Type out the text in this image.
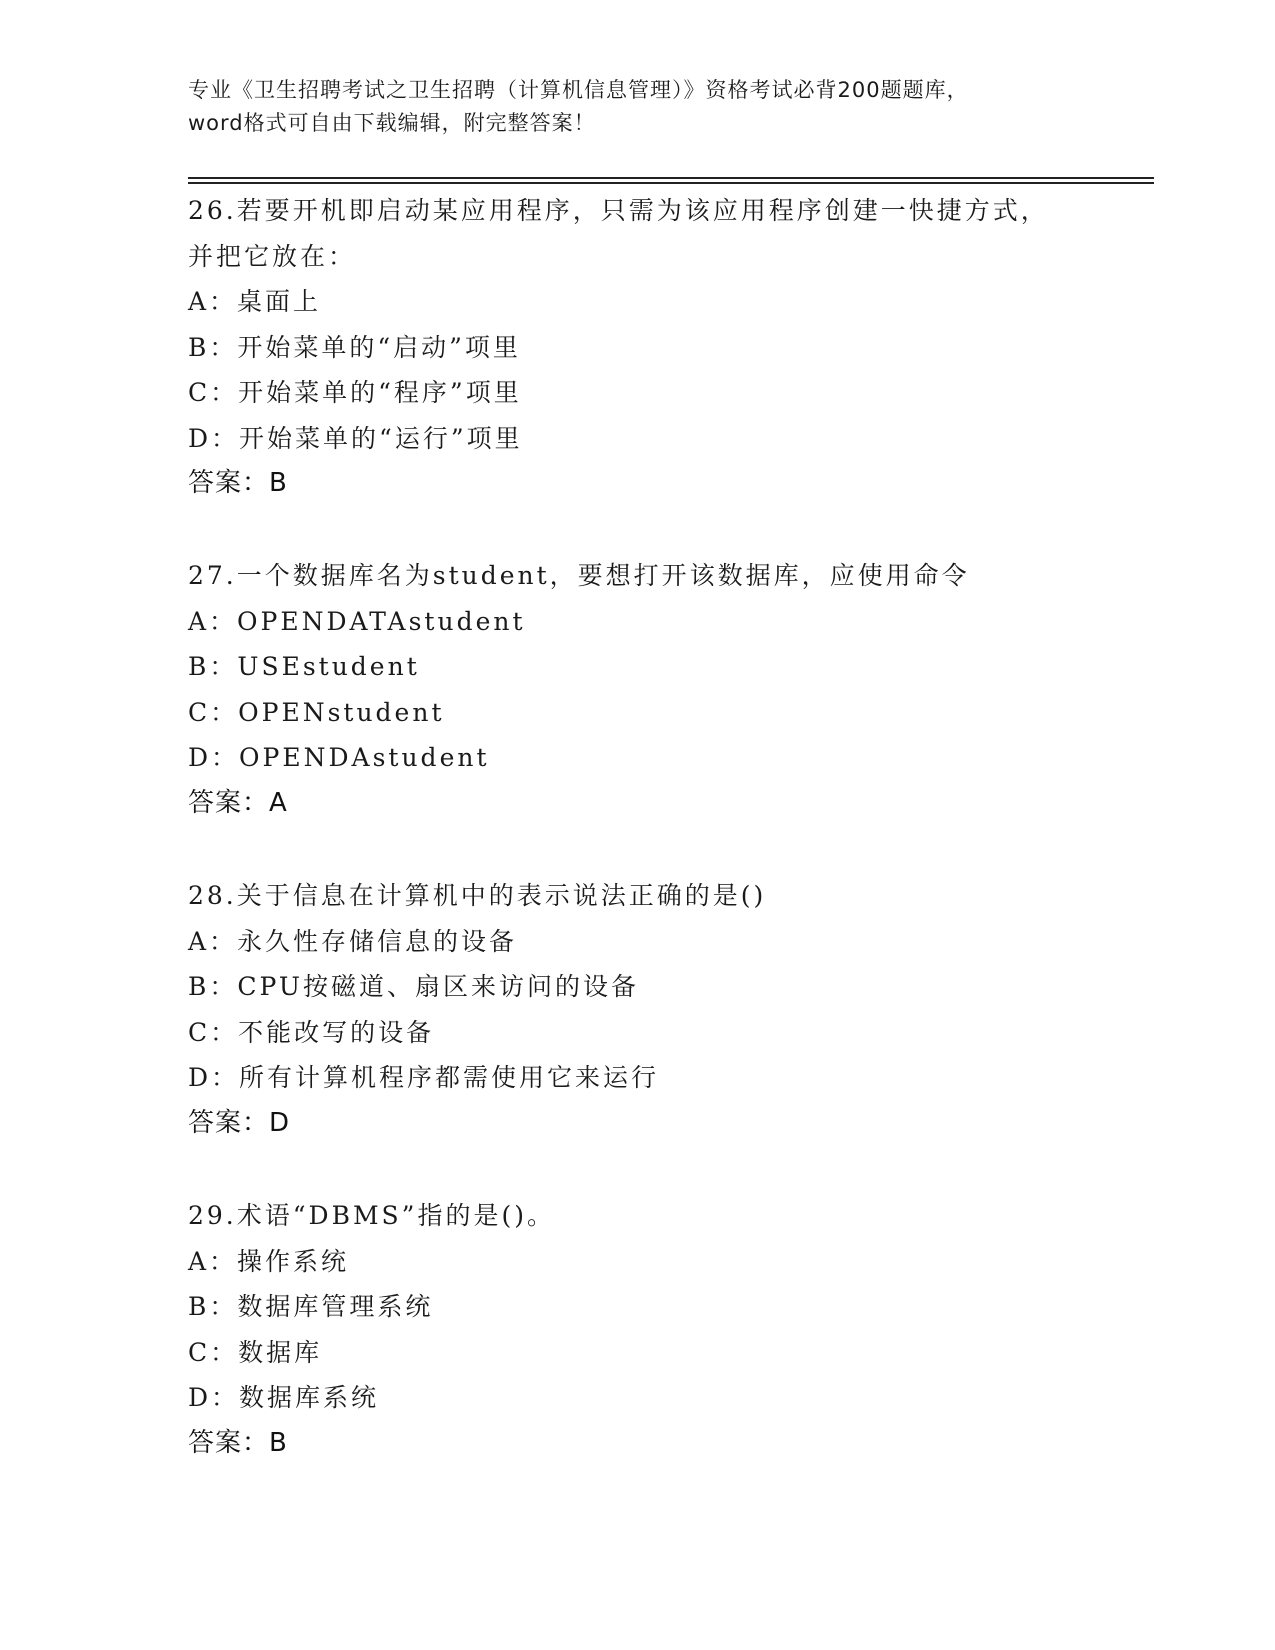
专业《卫生招聘考试之卫生招聘（计算机信息管理）》资格考试必背200题题库，
word格式可自由下载编辑，附完整答案！
26.若要开机即启动某应用程序，只需为该应用程序创建一快捷方式，
并把它放在：
A：桌面上
B：开始菜单的“启动”项里
C：开始菜单的“程序”项里
D：开始菜单的“运行”项里
答案：B
27.一个数据库名为student，要想打开该数据库，应使用命令
A：OPENDATAstudent
B：USEstudent
C：OPENstudent
D：OPENDAstudent
答案：A
28.关于信息在计算机中的表示说法正确的是()
A：永久性存储信息的设备
B：CPU按磁道、扇区来访问的设备
C：不能改写的设备
D：所有计算机程序都需使用它来运行
答案：D
29.术语“DBMS”指的是()。
A：操作系统
B：数据库管理系统
C：数据库
D：数据库系统
答案：B
